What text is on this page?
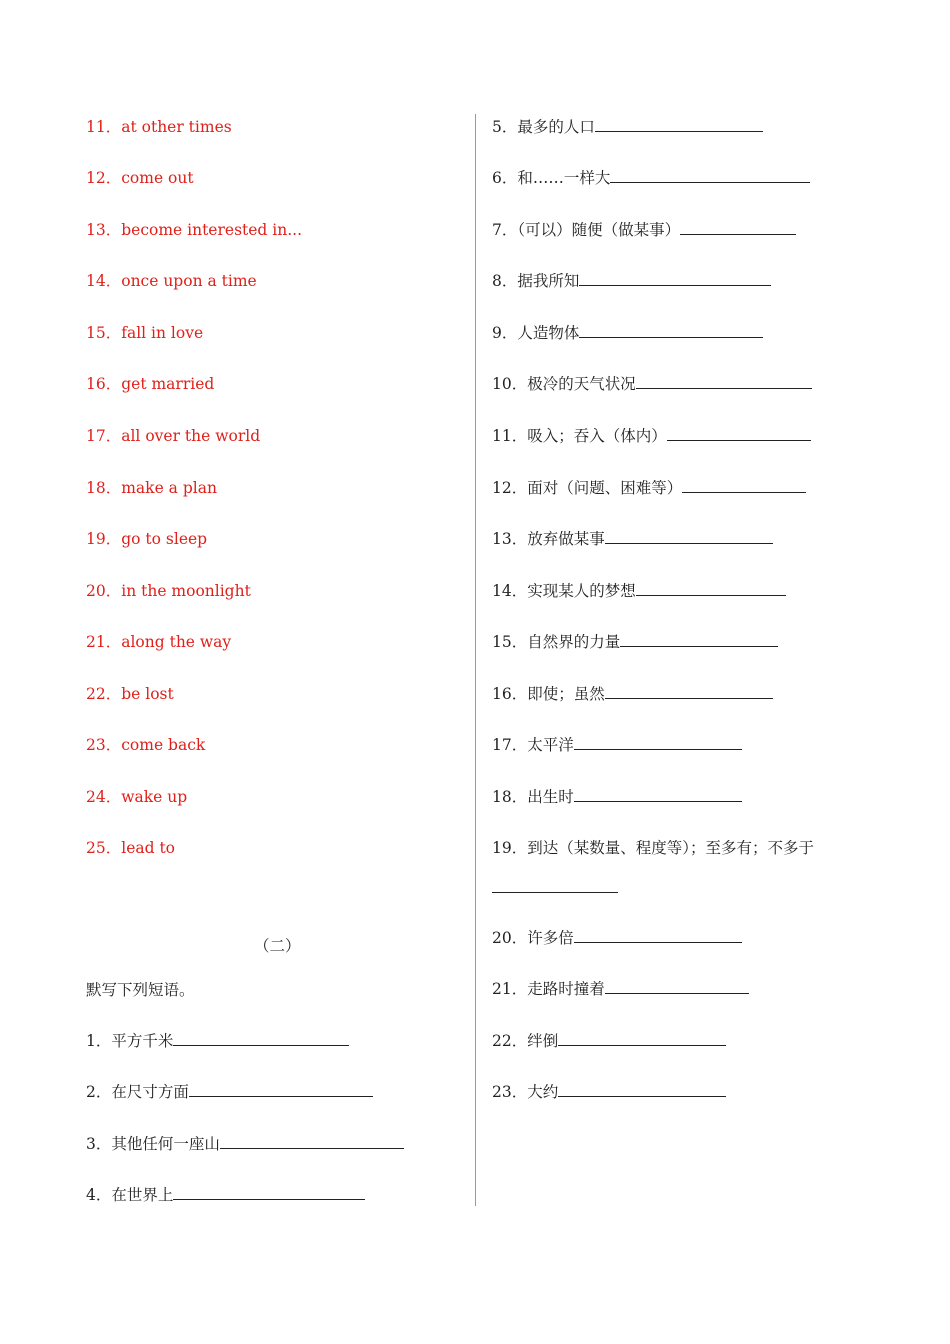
11．at other times
12．come out
13．become interested in...
14．once upon a time
15．fall in love
16．get married
17．all over the world
18．make a plan
19．go to sleep
20．in the moonlight
21．along the way
22．be lost
23．come back
24．wake up
25．lead to
（二）
默写下列短语。
1．平方千米
2．在尺寸方面
3．其他任何一座山
4．在世界上
5．最多的人口
6．和……一样大
7．（可以）随便（做某事）
8．据我所知
9．人造物体
10．极冷的天气状况
11．吸入；吞入（体内）
12．面对（问题、困难等）
13．放弃做某事
14．实现某人的梦想
15．自然界的力量
16．即使；虽然
17．太平洋
18．出生时
19．到达（某数量、程度等）；至多有；不多于
20．许多倍
21．走路时撞着
22．绊倒
23．大约
